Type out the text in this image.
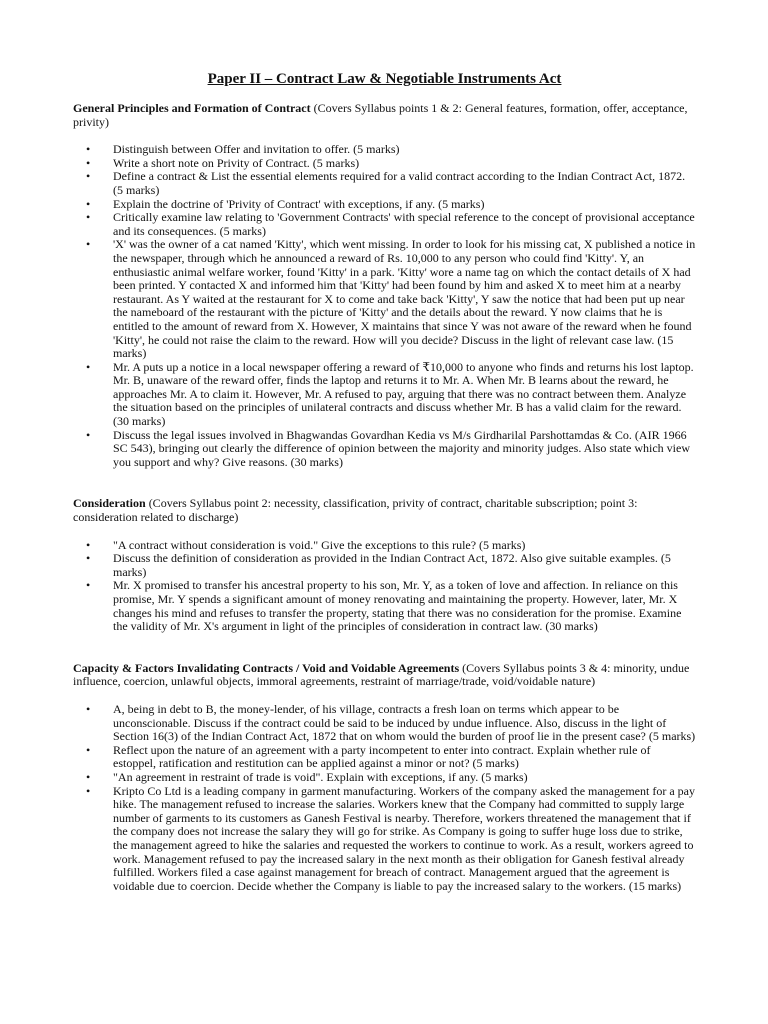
Paper II – Contract Law & Negotiable Instruments Act

General Principles and Formation of Contract (Covers Syllabus points 1 & 2: General features, formation, offer, acceptance, privity)

• Distinguish between Offer and invitation to offer. (5 marks)
• Write a short note on Privity of Contract. (5 marks)
• Define a contract & List the essential elements required for a valid contract according to the Indian Contract Act, 1872. (5 marks)
• Explain the doctrine of 'Privity of Contract' with exceptions, if any. (5 marks)
• Critically examine law relating to 'Government Contracts' with special reference to the concept of provisional acceptance and its consequences. (5 marks)
• 'X' was the owner of a cat named 'Kitty', which went missing. In order to look for his missing cat, X published a notice in the newspaper, through which he announced a reward of Rs. 10,000 to any person who could find 'Kitty'. Y, an enthusiastic animal welfare worker, found 'Kitty' in a park. 'Kitty' wore a name tag on which the contact details of X had been printed. Y contacted X and informed him that 'Kitty' had been found by him and asked X to meet him at a nearby restaurant. As Y waited at the restaurant for X to come and take back 'Kitty', Y saw the notice that had been put up near the nameboard of the restaurant with the picture of 'Kitty' and the details about the reward. Y now claims that he is entitled to the amount of reward from X. However, X maintains that since Y was not aware of the reward when he found 'Kitty', he could not raise the claim to the reward. How will you decide? Discuss in the light of relevant case law. (15 marks)
• Mr. A puts up a notice in a local newspaper offering a reward of ₹10,000 to anyone who finds and returns his lost laptop. Mr. B, unaware of the reward offer, finds the laptop and returns it to Mr. A. When Mr. B learns about the reward, he approaches Mr. A to claim it. However, Mr. A refused to pay, arguing that there was no contract between them. Analyze the situation based on the principles of unilateral contracts and discuss whether Mr. B has a valid claim for the reward. (30 marks)
• Discuss the legal issues involved in Bhagwandas Govardhan Kedia vs M/s Girdharilal Parshottamdas & Co. (AIR 1966 SC 543), bringing out clearly the difference of opinion between the majority and minority judges. Also state which view you support and why? Give reasons. (30 marks)

Consideration (Covers Syllabus point 2: necessity, classification, privity of contract, charitable subscription; point 3: consideration related to discharge)

• "A contract without consideration is void." Give the exceptions to this rule? (5 marks)
• Discuss the definition of consideration as provided in the Indian Contract Act, 1872. Also give suitable examples. (5 marks)
• Mr. X promised to transfer his ancestral property to his son, Mr. Y, as a token of love and affection. In reliance on this promise, Mr. Y spends a significant amount of money renovating and maintaining the property. However, later, Mr. X changes his mind and refuses to transfer the property, stating that there was no consideration for the promise. Examine the validity of Mr. X's argument in light of the principles of consideration in contract law. (30 marks)

Capacity & Factors Invalidating Contracts / Void and Voidable Agreements (Covers Syllabus points 3 & 4: minority, undue influence, coercion, unlawful objects, immoral agreements, restraint of marriage/trade, void/voidable nature)

• A, being in debt to B, the money-lender, of his village, contracts a fresh loan on terms which appear to be unconscionable. Discuss if the contract could be said to be induced by undue influence. Also, discuss in the light of Section 16(3) of the Indian Contract Act, 1872 that on whom would the burden of proof lie in the present case? (5 marks)
• Reflect upon the nature of an agreement with a party incompetent to enter into contract. Explain whether rule of estoppel, ratification and restitution can be applied against a minor or not? (5 marks)
• "An agreement in restraint of trade is void". Explain with exceptions, if any. (5 marks)
• Kripto Co Ltd is a leading company in garment manufacturing. Workers of the company asked the management for a pay hike. The management refused to increase the salaries. Workers knew that the Company had committed to supply large number of garments to its customers as Ganesh Festival is nearby. Therefore, workers threatened the management that if the company does not increase the salary they will go for strike. As Company is going to suffer huge loss due to strike, the management agreed to hike the salaries and requested the workers to continue to work. As a result, workers agreed to work. Management refused to pay the increased salary in the next month as their obligation for Ganesh festival already fulfilled. Workers filed a case against management for breach of contract. Management argued that the agreement is voidable due to coercion. Decide whether the Company is liable to pay the increased salary to the workers. (15 marks)
